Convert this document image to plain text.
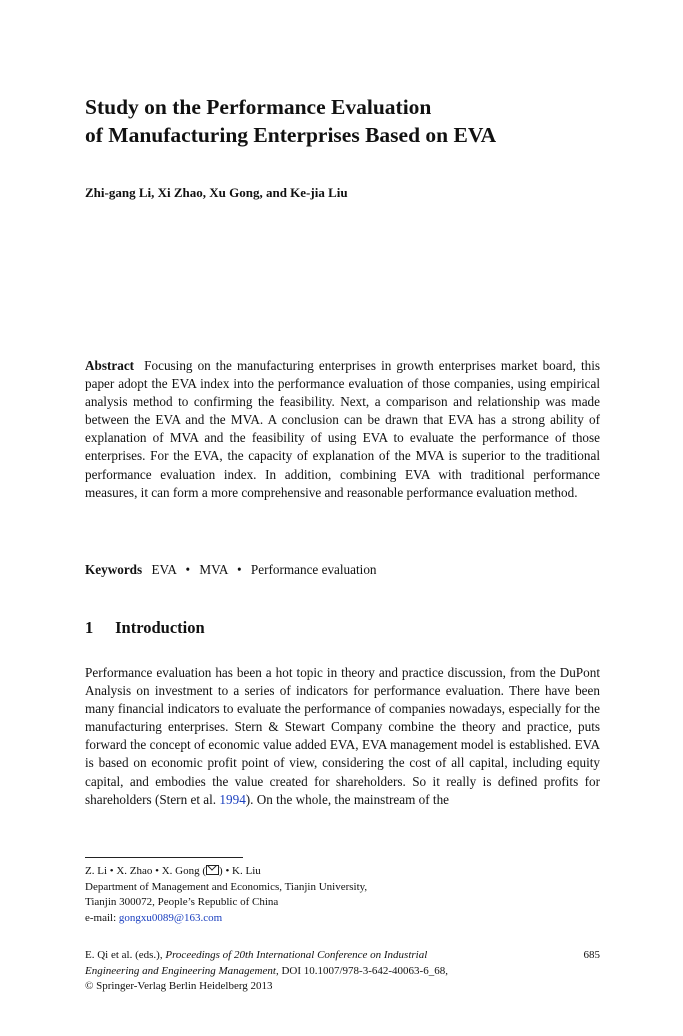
Study on the Performance Evaluation
of Manufacturing Enterprises Based on EVA
Zhi-gang Li, Xi Zhao, Xu Gong, and Ke-jia Liu

Abstract Focusing on the manufacturing enterprises in growth enterprises market board, this paper adopt the EVA index into the performance evaluation of those companies, using empirical analysis method to confirming the feasibility. Next, a comparison and relationship was made between the EVA and the MVA. A conclusion can be drawn that EVA has a strong ability of explanation of MVA and the feasibility of using EVA to evaluate the performance of those enterprises. For the EVA, the capacity of explanation of the MVA is superior to the traditional performance evaluation index. In addition, combining EVA with traditional performance measures, it can form a more comprehensive and reasonable performance evaluation method.

Keywords EVA • MVA • Performance evaluation
1 Introduction

Performance evaluation has been a hot topic in theory and practice discussion, from the DuPont Analysis on investment to a series of indicators for performance evaluation. There have been many financial indicators to evaluate the performance of companies nowadays, especially for the manufacturing enterprises. Stern & Stewart Company combine the theory and practice, puts forward the concept of economic value added EVA, EVA management model is established. EVA is based on economic profit point of view, considering the cost of all capital, including equity capital, and embodies the value created for shareholders. So it really is defined profits for shareholders (Stern et al. 1994). On the whole, the mainstream of the

Z. Li • X. Zhao • X. Gong ( ) • K. Liu
Department of Management and Economics, Tianjin University,
Tianjin 300072, People’s Republic of China
e-mail: gongxu0089@163.com
685
E. Qi et al. (eds.), Proceedings of 20th International Conference on Industrial
Engineering and Engineering Management, DOI 10.1007/978-3-642-40063-6_68,
© Springer-Verlag Berlin Heidelberg 2013
